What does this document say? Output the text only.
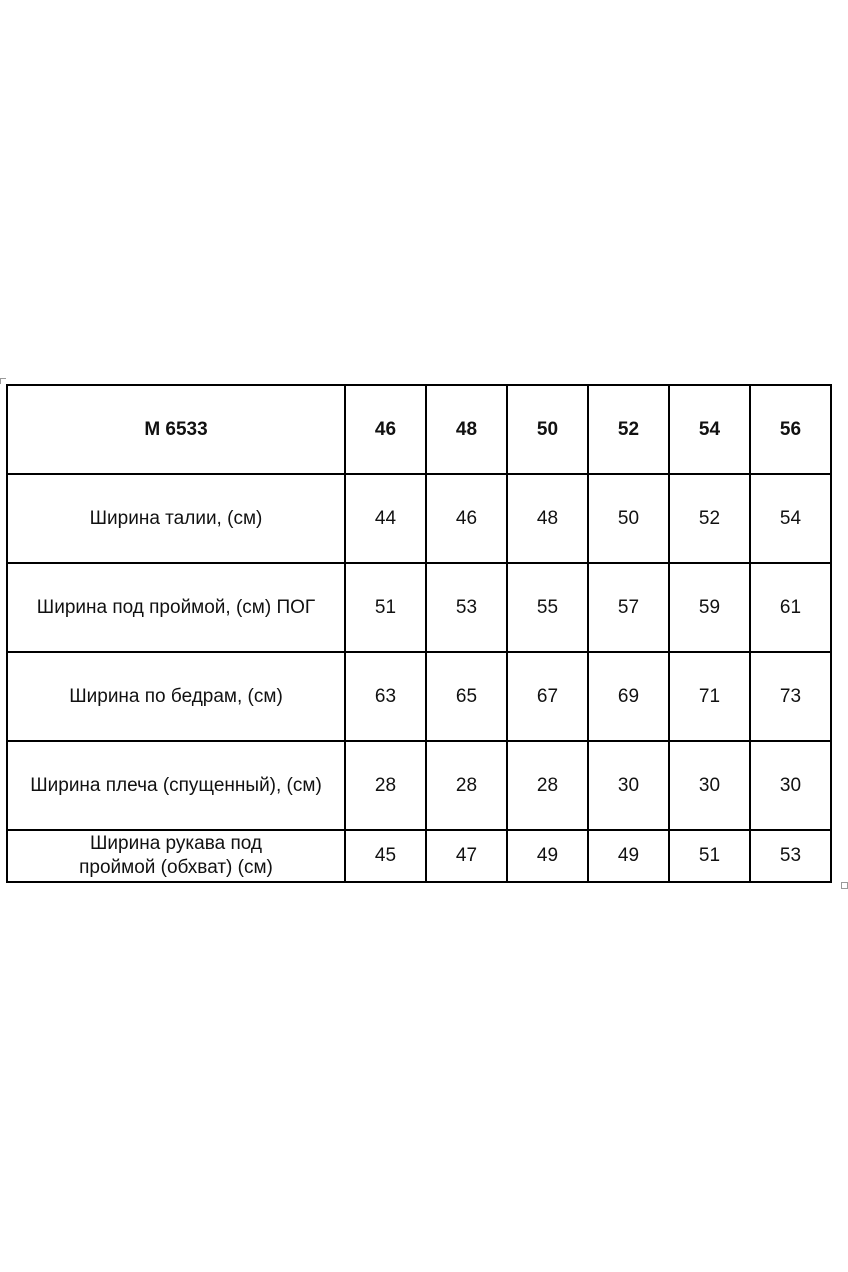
М 6533	46	48	50	52	54	56
Ширина талии, (см)	44	46	48	50	52	54
Ширина под проймой, (см) ПОГ	51	53	55	57	59	61
Ширина по бедрам, (см)	63	65	67	69	71	73
Ширина плеча (спущенный), (см)	28	28	28	30	30	30
Ширина рукава под проймой (обхват) (см)	45	47	49	49	51	53
